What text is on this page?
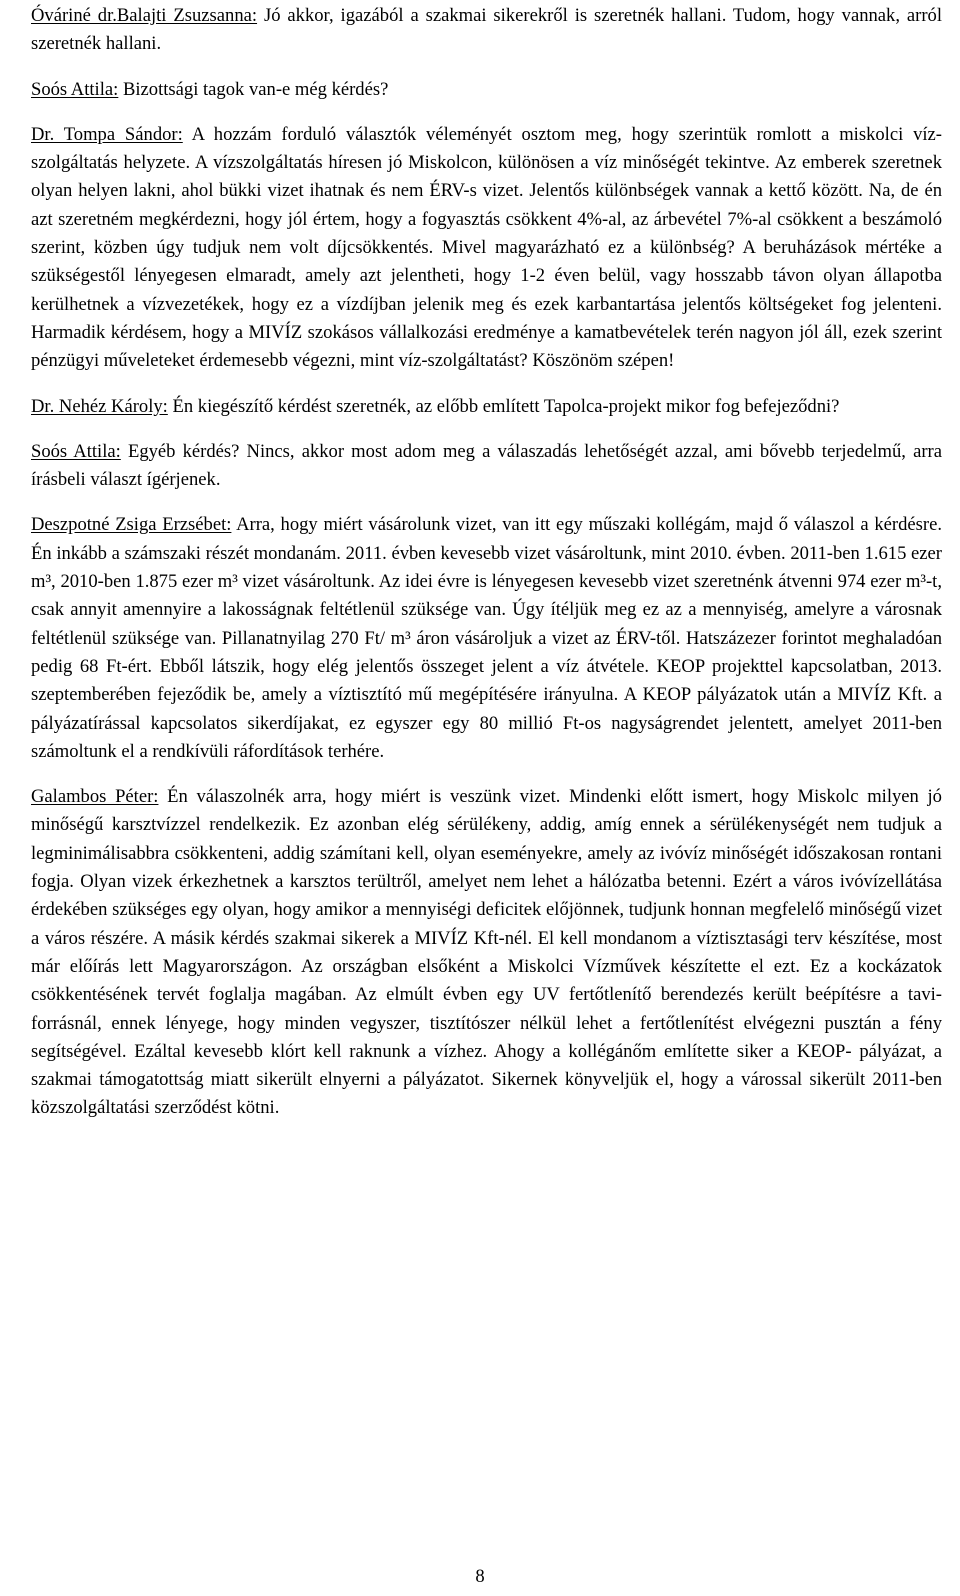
Óváriné dr.Balajti Zsuzsanna: Jó akkor, igazából a szakmai sikerekről is szeretnék hallani. Tudom, hogy vannak, arról szeretnék hallani.

Soós Attila: Bizottsági tagok van-e még kérdés?

Dr. Tompa Sándor: A hozzám forduló választók véleményét osztom meg, hogy szerintük romlott a miskolci víz-szolgáltatás helyzete. A vízszolgáltatás híresen jó Miskolcon, különösen a víz minőségét tekintve. Az emberek szeretnek olyan helyen lakni, ahol bükki vizet ihatnak és nem ÉRV-s vizet. Jelentős különbségek vannak a kettő között. Na, de én azt szeretném megkérdezni, hogy jól értem, hogy a fogyasztás csökkent 4%-al, az árbevétel 7%-al csökkent a beszámoló szerint, közben úgy tudjuk nem volt díjcsökkentés. Mivel magyarázható ez a különbség? A beruházások mértéke a szükségestől lényegesen elmaradt, amely azt jelentheti, hogy 1-2 éven belül, vagy hosszabb távon olyan állapotba kerülhetnek a vízvezetékek, hogy ez a vízdíjban jelenik meg és ezek karbantartása jelentős költségeket fog jelenteni. Harmadik kérdésem, hogy a MIVÍZ szokásos vállalkozási eredménye a kamatbevételek terén nagyon jól áll, ezek szerint pénzügyi műveleteket érdemesebb végezni, mint víz-szolgáltatást? Köszönöm szépen!

Dr. Nehéz Károly: Én kiegészítő kérdést szeretnék, az előbb említett Tapolca-projekt mikor fog befejeződni?

Soós Attila: Egyéb kérdés? Nincs, akkor most adom meg a válaszadás lehetőségét azzal, ami bővebb terjedelmű, arra írásbeli választ ígérjenek.

Deszpotné Zsiga Erzsébet: Arra, hogy miért vásárolunk vizet, van itt egy műszaki kollégám, majd ő válaszol a kérdésre. Én inkább a számszaki részét mondanám. 2011. évben kevesebb vizet vásároltunk, mint 2010. évben. 2011-ben 1.615 ezer m³, 2010-ben 1.875 ezer m³ vizet vásároltunk. Az idei évre is lényegesen kevesebb vizet szeretnénk átvenni 974 ezer m³-t, csak annyit amennyire a lakosságnak feltétlenül szüksége van. Úgy ítéljük meg ez az a mennyiség, amelyre a városnak feltétlenül szüksége van. Pillanatnyilag 270 Ft/ m³ áron vásároljuk a vizet az ÉRV-től. Hatszázezer forintot meghaladóan pedig 68 Ft-ért. Ebből látszik, hogy elég jelentős összeget jelent a víz átvétele. KEOP projekttel kapcsolatban, 2013. szeptemberében fejeződik be, amely a víztisztító mű megépítésére irányulna. A KEOP pályázatok után a MIVÍZ Kft. a pályázatírással kapcsolatos sikerdíjakat, ez egyszer egy 80 millió Ft-os nagyságrendet jelentett, amelyet 2011-ben számoltunk el a rendkívüli ráfordítások terhére.

Galambos Péter: Én válaszolnék arra, hogy miért is veszünk vizet. Mindenki előtt ismert, hogy Miskolc milyen jó minőségű karsztvízzel rendelkezik. Ez azonban elég sérülékeny, addig, amíg ennek a sérülékenységét nem tudjuk a legminimálisabbra csökkenteni, addig számítani kell, olyan eseményekre, amely az ivóvíz minőségét időszakosan rontani fogja. Olyan vizek érkezhetnek a karsztos terültről, amelyet nem lehet a hálózatba betenni. Ezért a város ivóvízellátása érdekében szükséges egy olyan, hogy amikor a mennyiségi deficitek előjönnek, tudjunk honnan megfelelő minőségű vizet a város részére. A másik kérdés szakmai sikerek a MIVÍZ Kft-nél. El kell mondanom a víztisztasági terv készítése, most már előírás lett Magyarországon. Az országban elsőként a Miskolci Vízművek készítette el ezt. Ez a kockázatok csökkentésének tervét foglalja magában. Az elmúlt évben egy UV fertőtlenítő berendezés került beépítésre a tavi-forrásnál, ennek lényege, hogy minden vegyszer, tisztítószer nélkül lehet a fertőtlenítést elvégezni pusztán a fény segítségével. Ezáltal kevesebb klórt kell raknunk a vízhez. Ahogy a kollégánőm említette siker a KEOP- pályázat, a szakmai támogatottság miatt sikerült elnyerni a pályázatot. Sikernek könyveljük el, hogy a várossal sikerült 2011-ben közszolgáltatási szerződést kötni.

8
